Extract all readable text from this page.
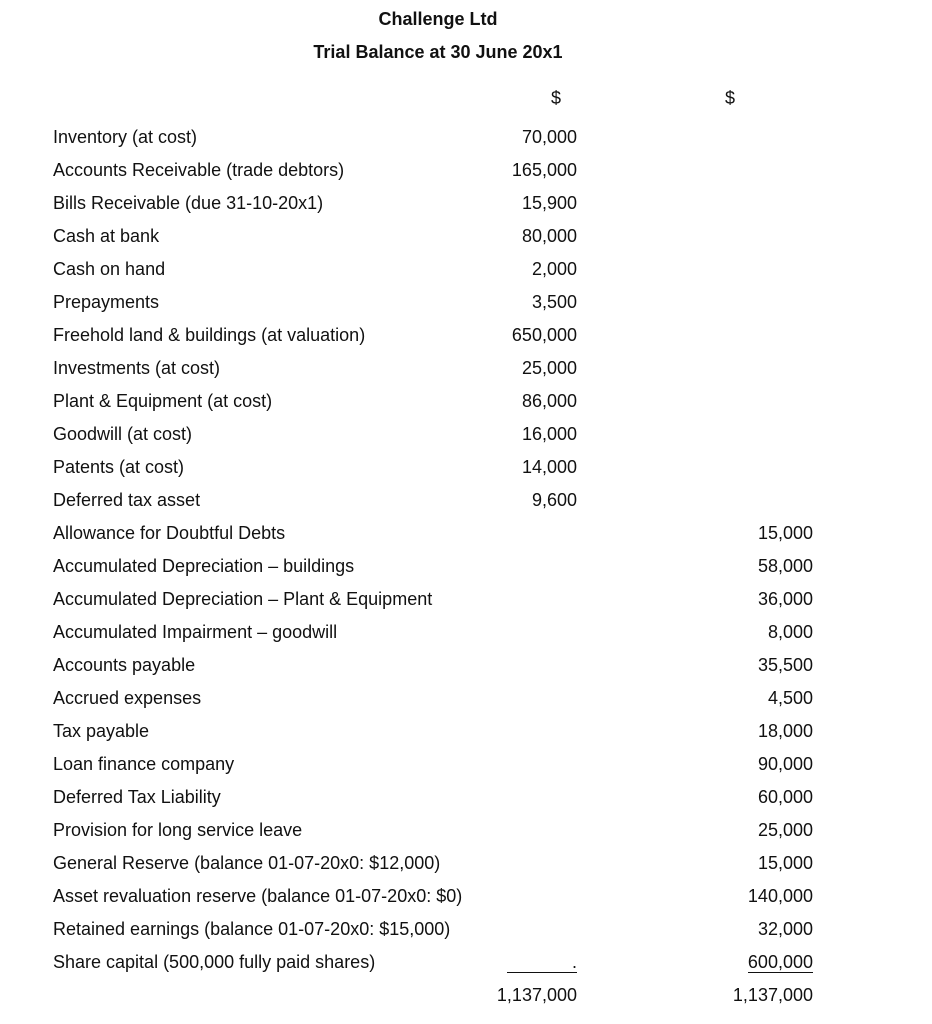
Challenge Ltd
Trial Balance at 30 June 20x1
$	$
Inventory (at cost)	70,000		
Accounts Receivable (trade debtors)	165,000		
Bills Receivable (due 31-10-20x1)	15,900		
Cash at bank	80,000		
Cash on hand	2,000		
Prepayments	3,500		
Freehold land & buildings (at valuation)	650,000		
Investments (at cost)	25,000		
Plant & Equipment (at cost)	86,000		
Goodwill (at cost)	16,000		
Patents (at cost)	14,000		
Deferred tax asset	9,600		
Allowance for Doubtful Debts			15,000
Accumulated Depreciation – buildings			58,000
Accumulated Depreciation – Plant & Equipment			36,000
Accumulated Impairment – goodwill			8,000
Accounts payable			35,500
Accrued expenses			4,500
Tax payable			18,000
Loan finance company			90,000
Deferred Tax Liability			60,000
Provision for long service leave			25,000
General Reserve (balance 01-07-20x0: $12,000)			15,000
Asset revaluation reserve (balance 01-07-20x0: $0)			140,000
Retained earnings (balance 01-07-20x0: $15,000)			32,000
Share capital (500,000 fully paid shares)	.		600,000
	1,137,000		1,137,000
